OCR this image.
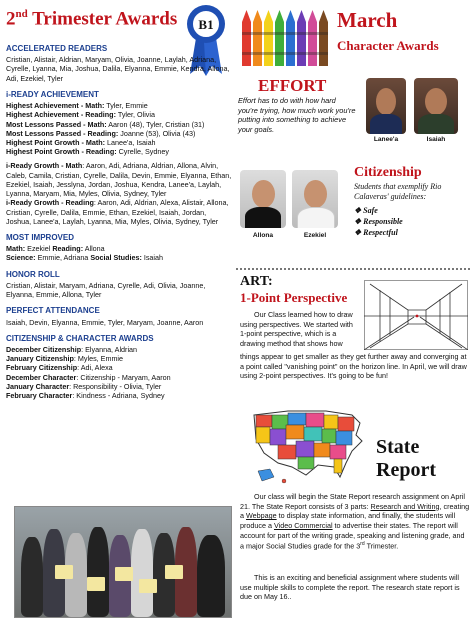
2nd Trimester Awards B1
ACCELERATED READERS
Cristian, Alistair, Aldrian, Maryam, Olivia, Joanne, Laylah, Adriana, Cyrelle, Lyanna, Mia, Joshua, Dalila, Elyanna, Emmie, Kendra, Allona, Adi, Ezekiel, Tyler
i-READY ACHIEVEMENT
Highest Achievement - Math: Tyler, Emmie
Highest Achievement - Reading: Tyler, Olivia
Most Lessons Passed - Math: Aaron (48), Tyler, Cristian (31)
Most Lessons Passed - Reading: Joanne (53), Olivia (43)
Highest Point Growth - Math: Lanee'a, Isaiah
Highest Point Growth - Reading: Cyrelle, Sydney
i-Ready Growth - Math: Aaron, Adi, Adriana, Aldrian, Allona, Alvin, Caleb, Camila, Cristian, Cyrelle, Dalila, Devin, Emmie, Elyanna, Ethan, Ezekiel, Isaiah, Jesslyna, Jordan, Joshua, Kendra, Lanee'a, Laylah, Lyanna, Maryam, Mia, Myles, Olivia, Sydney, Tyler
i-Ready Growth - Reading: Aaron, Adi, Aldrian, Alexa, Alistair, Allona, Cristian, Cyrelle, Dalila, Emmie, Ethan, Ezekiel, Isaiah, Jordan, Joshua, Lanee'a, Laylah, Lyanna, Mia, Myles, Olivia, Sydney, Tyler
MOST IMPROVED
Math: Ezekiel Reading: Allona
Science: Emmie, Adriana Social Studies: Isaiah
HONOR ROLL
Cristian, Alistair, Maryam, Adriana, Cyrelle, Adi, Olivia, Joanne, Elyanna, Emmie, Allona, Tyler
PERFECT ATTENDANCE
Isaiah, Devin, Elyanna, Emmie, Tyler, Maryam, Joanne, Aaron
CITIZENSHIP & CHARACTER AWARDS
December Citizenship: Elyanna, Aldrian
January Citizenship: Myles, Emmie
February Citizenship: Adi, Alexa
December Character: Citizenship - Maryam, Aaron
January Character: Responsibility - Olivia, Tyler
February Character: Kindness - Adriana, Sydney
March
Character Awards
EFFORT
Effort has to do with how hard you're trying, how much work you're putting into something to achieve your goals.
Lanee'a	Isaiah
Allona	Ezekiel
Citizenship
Students that exemplify Rio Calaveras' guidelines:
❖ Safe
❖ Responsible
❖ Respectful
ART:
1-Point Perspective
Our Class learned how to draw using perspectives. We started with 1-point perspective, which is a drawing method that shows how
things appear to get smaller as they get further away and converging at a point called "vanishing point" on the horizon line. In April, we will draw using 2-point perspectives. It's going to be fun!
State
Report
Our class will begin the State Report research assignment on April 21. The State Report consists of 3 parts: Research and Writing, creating a Webpage to display state information, and finally, the students will produce a Video Commercial to advertise their states. The report will account for part of the writing grade, speaking and listening grade, and a major Social Studies grade for the 3rd Trimester.
This is an exciting and beneficial assignment where students will use multiple skills to complete the report. The research state report is due on May 16..
